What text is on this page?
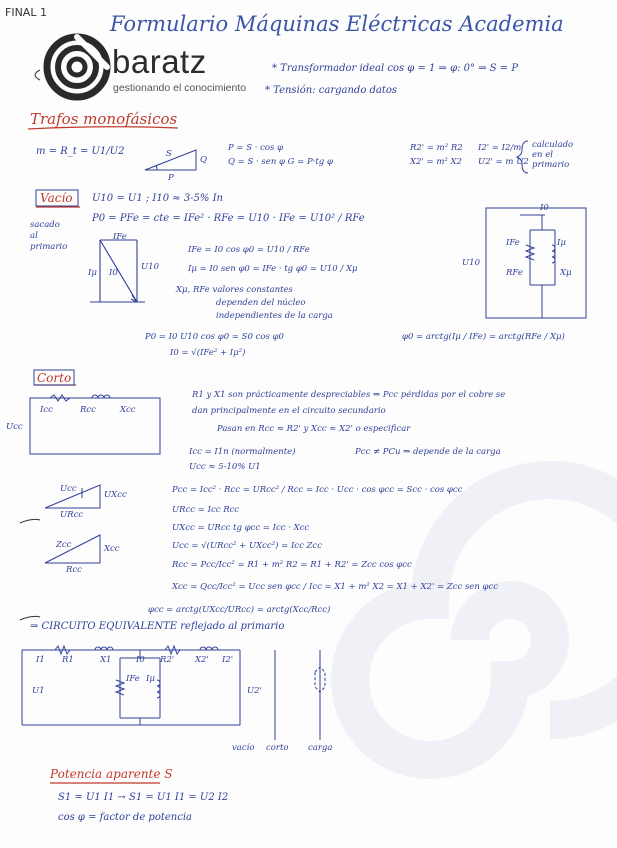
FINAL 1	Formulario Máquinas Eléctricas Academia
baratz
gestionando el conocimiento
* Transformador ideal cos φ = 1 ⇒ φ: 0° ⇒ S = P
* Tensión: cargando datos
Trafos monofásicos
m = R_t = U1/U2	S
P
Q
P = S · cos φ
Q = S · sen φ G = P·tg φ
R2' = m² R2
X2' = m² X2
I2' = I2/m
U2' = m U2
calculado en el primario
Vacío U10 = U1 ; I10 ≈ 3-5% In
P0 = PFe = cte = IFe² · RFe = U10 · IFe = U10² / RFe
sacado
al
primario
IFe
Iμ I0
U10
IFe = I0 cos φ0 = U10 / RFe
Iμ = I0 sen φ0 = IFe · tg φ0 = U10 / Xμ
Xμ, RFe valores constantes
dependen del núcleo
independientes de la carga
P0 = I0 U10 cos φ0 = S0 cos φ0
I0 = √(IFe² + Iμ²)
φ0 = arctg(Iμ / IFe) = arctg(RFe / Xμ)
I0
IFe	Iμ
RFe	Xμ
U10
Corto
Icc	Rcc	Xcc
Ucc
R1 y X1 son prácticamente despreciables ⇒ Pcc pérdidas por el cobre se
dan principalmente en el circuito secundario
Pasan en Rcc ≈ R2' y Xcc ≈ X2' o especificar
Icc = I1n (normalmente)	Pcc ≠ PCu ⇒ depende de la carga
Ucc ≈ 5-10% U1
Pcc = Icc² · Rcc = URcc² / Rcc = Icc · Ucc · cos φcc = Scc · cos φcc
URcc = Icc Rcc
UXcc = URcc tg φcc = Icc · Xcc
Ucc = √(URcc² + UXcc²) = Icc Zcc
Rcc = Pcc/Icc² = R1 + m² R2 = R1 + R2' = Zcc cos φcc
Xcc = Qcc/Icc² = Ucc sen φcc / Icc = X1 + m² X2 = X1 + X2' = Zcc sen φcc
φcc = arctg(UXcc/URcc) = arctg(Xcc/Rcc)
Ucc
UXcc
URcc
Zcc	Xcc
Rcc
⇒ CIRCUITO EQUIVALENTE reflejado al primario
I1 R1	X1	I0 R2' X2' I2'
U1	U2'
IFe Iμ
vacío corto carga
Potencia aparente S
S1 = U1 I1 → S1 = U1 I1 = U2 I2
cos φ = factor de potencia
